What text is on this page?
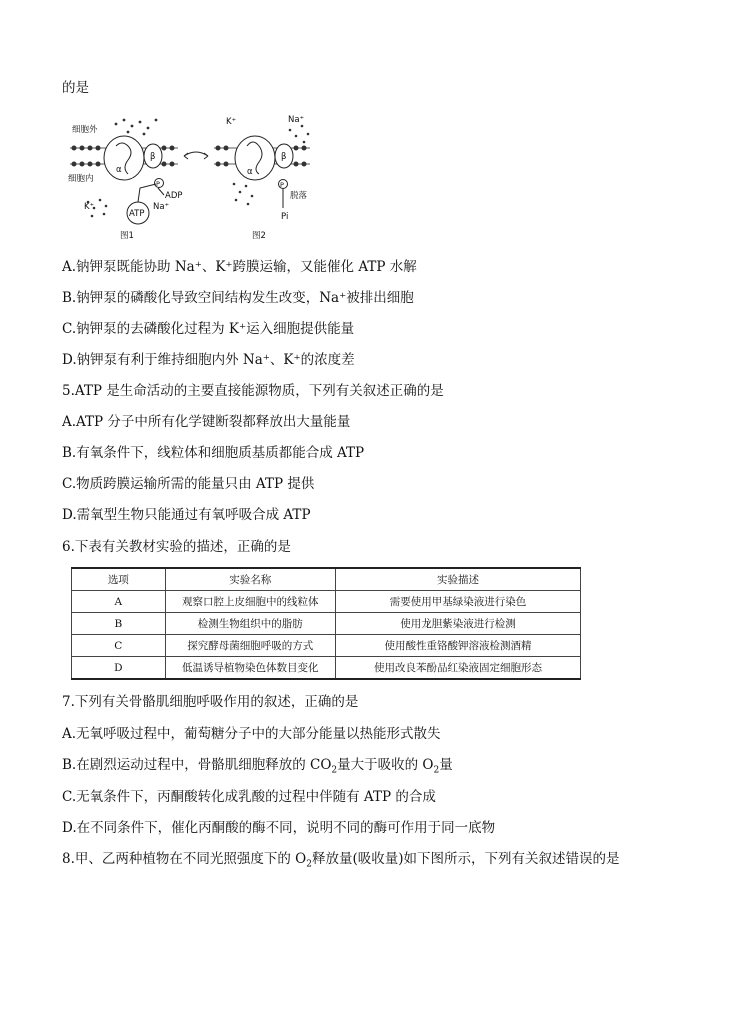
的是
细胞外
细胞内
α
β
α
β
P	P
ADP
ATP
K⁺	Na⁺
K⁺	Na⁺
脱落
Pi
图1	图2
A.钠钾泵既能协助 Na⁺、K⁺跨膜运输，又能催化 ATP 水解
B.钠钾泵的磷酸化导致空间结构发生改变，Na⁺被排出细胞
C.钠钾泵的去磷酸化过程为 K⁺运入细胞提供能量
D.钠钾泵有利于维持细胞内外 Na⁺、K⁺的浓度差
5.ATP 是生命活动的主要直接能源物质，下列有关叙述正确的是
A.ATP 分子中所有化学键断裂都释放出大量能量
B.有氧条件下，线粒体和细胞质基质都能合成 ATP
C.物质跨膜运输所需的能量只由 ATP 提供
D.需氧型生物只能通过有氧呼吸合成 ATP
6.下表有关教材实验的描述，正确的是
选项	实验名称	实验描述
A	观察口腔上皮细胞中的线粒体	需要使用甲基绿染液进行染色
B	检测生物组织中的脂肪	使用龙胆紫染液进行检测
C	探究酵母菌细胞呼吸的方式	使用酸性重铬酸钾溶液检测酒精
D	低温诱导植物染色体数目变化	使用改良苯酚品红染液固定细胞形态
7.下列有关骨骼肌细胞呼吸作用的叙述，正确的是
A.无氧呼吸过程中，葡萄糖分子中的大部分能量以热能形式散失
B.在剧烈运动过程中，骨骼肌细胞释放的 $CO_2$量大于吸收的 $O_2$量
C.无氧条件下，丙酮酸转化成乳酸的过程中伴随有 ATP 的合成
D.在不同条件下，催化丙酮酸的酶不同，说明不同的酶可作用于同一底物
8.甲、乙两种植物在不同光照强度下的 $O_2$释放量(吸收量)如下图所示，下列有关叙述错误的是
